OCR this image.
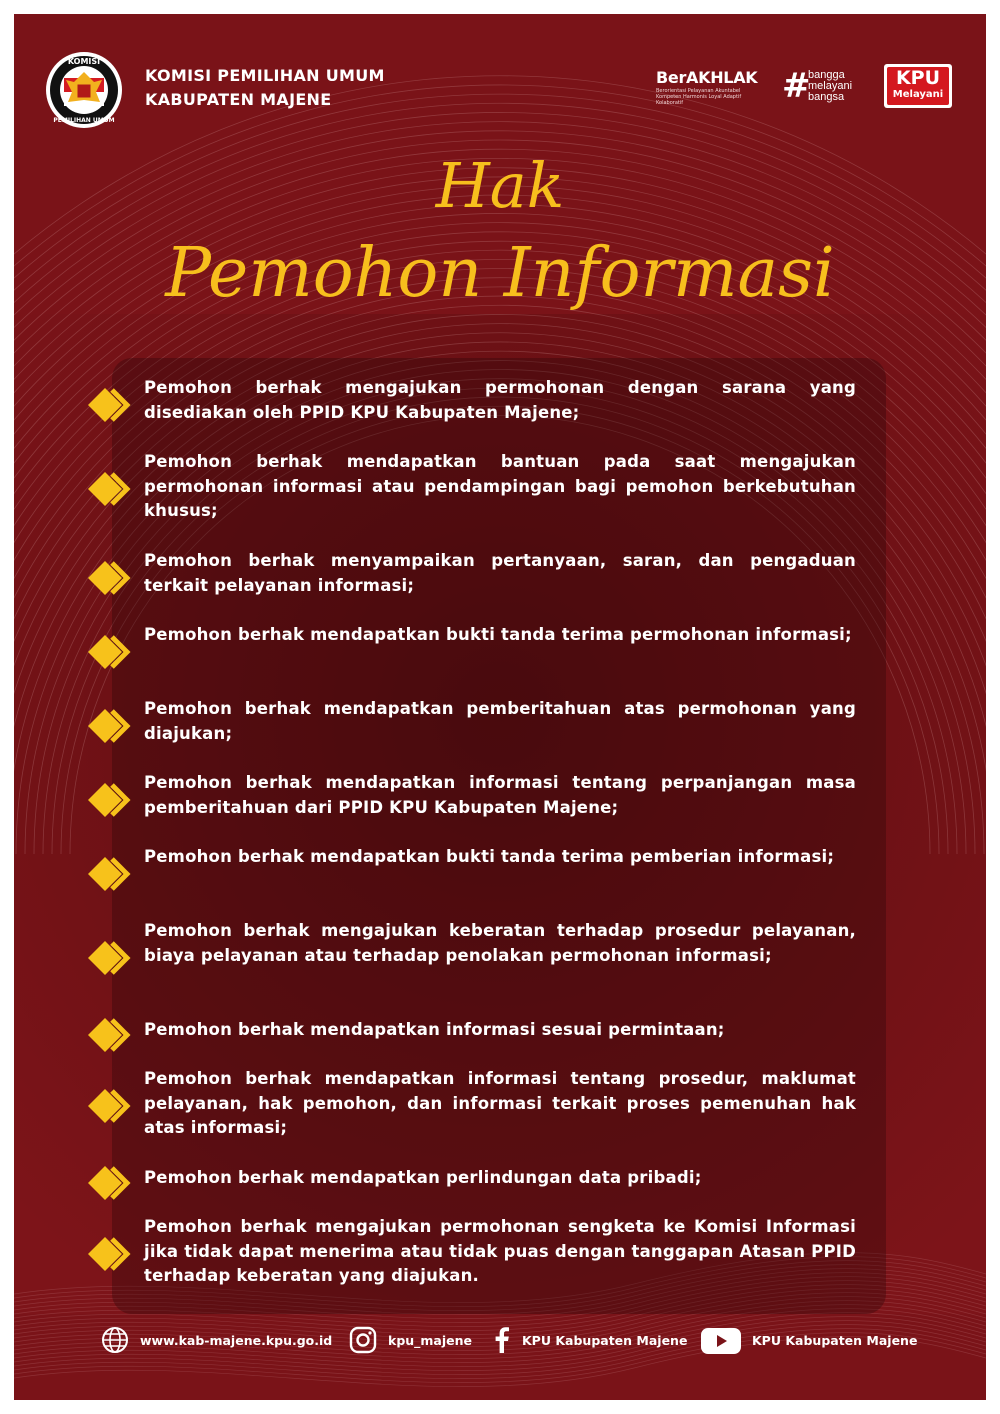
KOMISI
PEMILIHAN UMUM
KOMISI PEMILIHAN UMUM
KABUPATEN MAJENE
BerAKHLAK
Berorientasi Pelayanan Akuntabel Kompeten Harmonis Loyal Adaptif Kolaboratif	#
bangga
melayani
bangsa
KPU
Melayani
Hak
Pemohon Informasi
Pemohon berhak mengajukan permohonan dengan sarana yang disediakan oleh PPID KPU Kabupaten Majene;
Pemohon berhak mendapatkan bantuan pada saat mengajukan permohonan informasi atau pendampingan bagi pemohon berkebutuhan khusus;
Pemohon berhak menyampaikan pertanyaan, saran, dan pengaduan terkait pelayanan informasi;
Pemohon berhak mendapatkan bukti tanda terima permohonan informasi;
Pemohon berhak mendapatkan pemberitahuan atas permohonan yang diajukan;
Pemohon berhak mendapatkan informasi tentang perpanjangan masa pemberitahuan dari PPID KPU Kabupaten Majene;
Pemohon berhak mendapatkan bukti tanda terima pemberian informasi;
Pemohon berhak mengajukan keberatan terhadap prosedur pelayanan, biaya pelayanan atau terhadap penolakan permohonan informasi;
Pemohon berhak mendapatkan informasi sesuai permintaan;
Pemohon berhak mendapatkan informasi tentang prosedur, maklumat pelayanan, hak pemohon, dan informasi terkait proses pemenuhan hak atas informasi;
Pemohon berhak mendapatkan perlindungan data pribadi;
Pemohon berhak mengajukan permohonan sengketa ke Komisi Informasi jika tidak dapat menerima atau tidak puas dengan tanggapan Atasan PPID terhadap keberatan yang diajukan.
www.kab-majene.kpu.go.id	kpu_majene	KPU Kabupaten Majene	KPU Kabupaten Majene
